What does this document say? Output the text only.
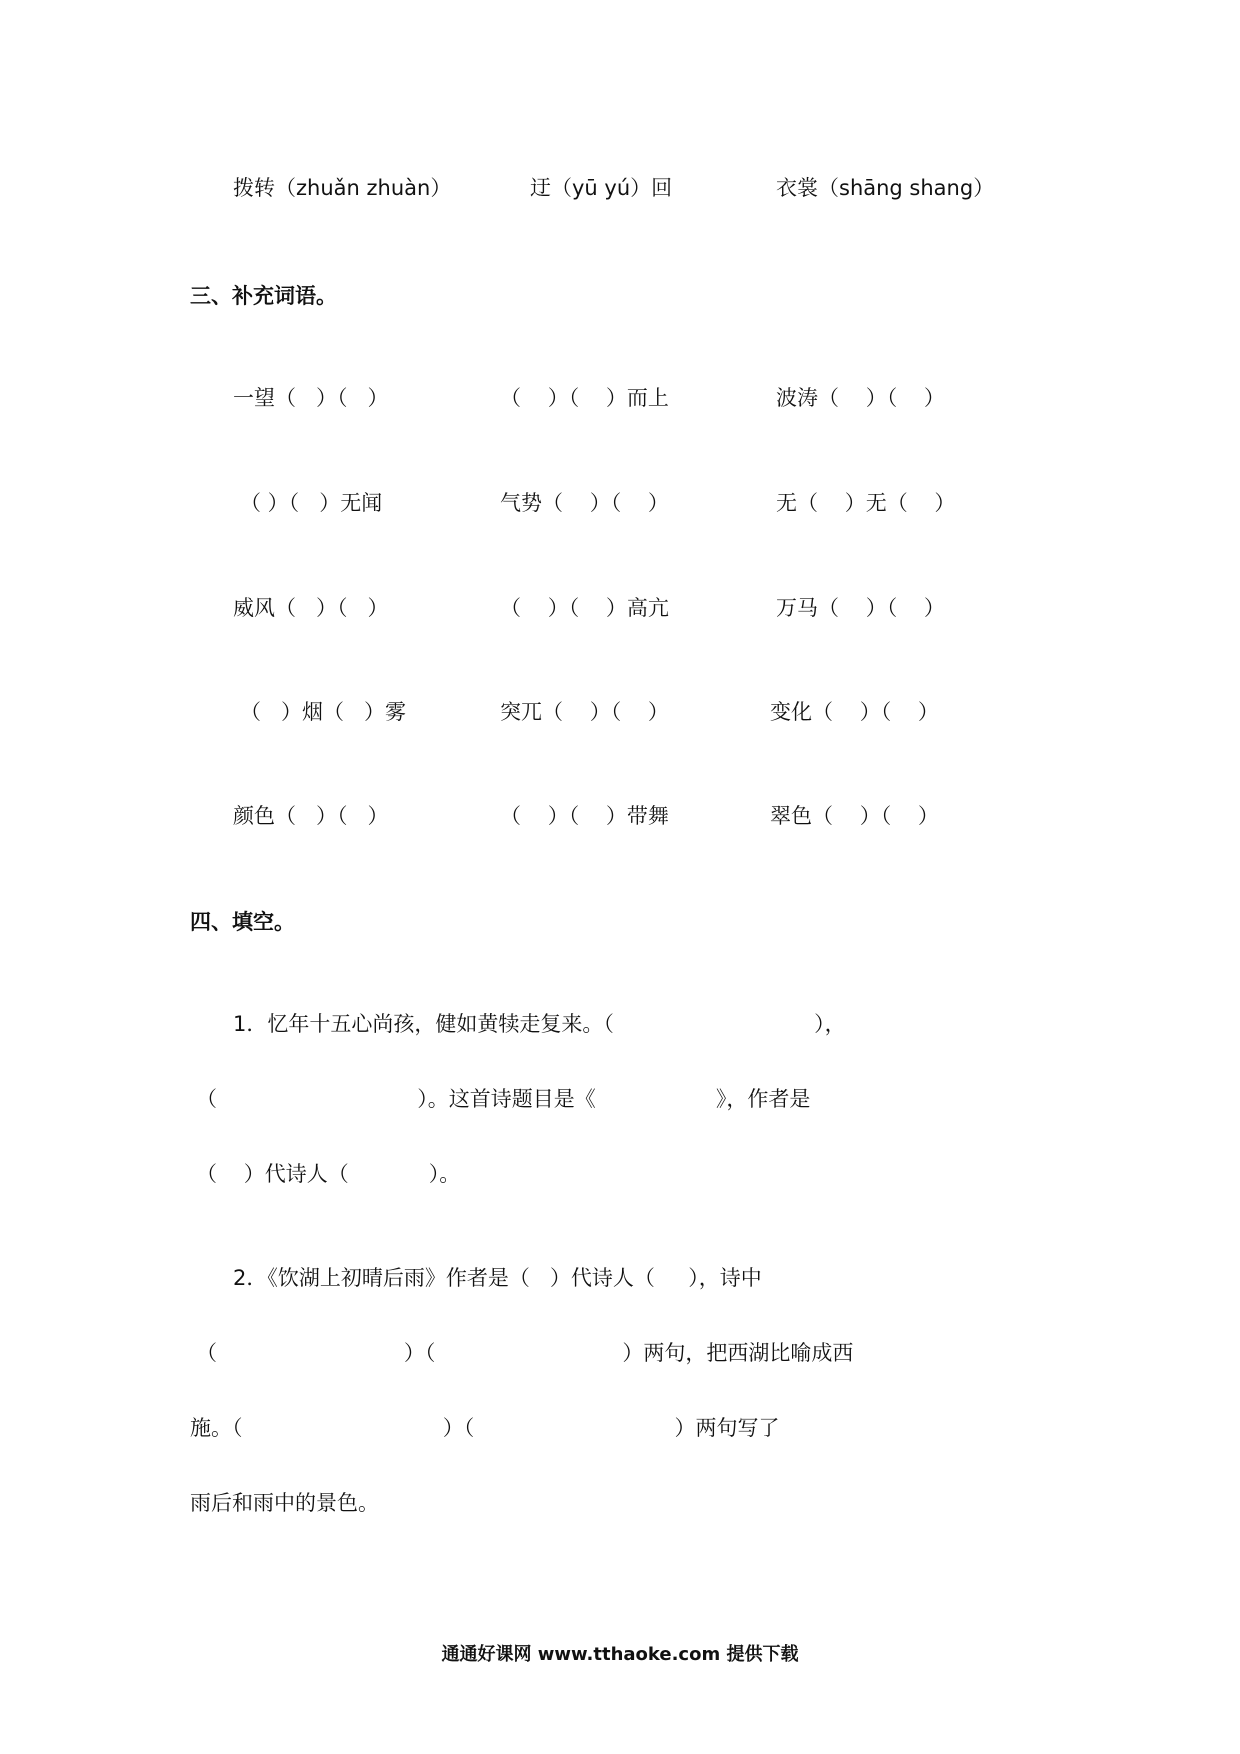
拨转（zhuǎn zhuàn）	迂（yū yú）回	衣裳（shāng shang）
三、补充词语。
一望（   ）（   ）	（    ）（    ）而上	波涛（    ）（    ）
（ ）（   ）无闻	气势（    ）（    ）	无（    ）无（    ）
威风（   ）（   ）	（    ）（    ）高亢	万马（    ）（    ）
（   ）烟（   ）雾	突兀（    ）（    ）	变化（    ）（    ）
颜色（   ）（   ）	（    ）（    ）带舞	翠色（    ）（    ）
四、填空。
1．忆年十五心尚孩，健如黄犊走复来。（                              ），
（                              ）。这首诗题目是《                  》，作者是
（    ）代诗人（            ）。
2．《饮湖上初晴后雨》作者是（   ）代诗人（     ），诗中
（                            ）（                            ）两句，把西湖比喻成西
施。（                              ）（                              ）两句写了
雨后和雨中的景色。
通通好课网 www.tthaoke.com 提供下载
